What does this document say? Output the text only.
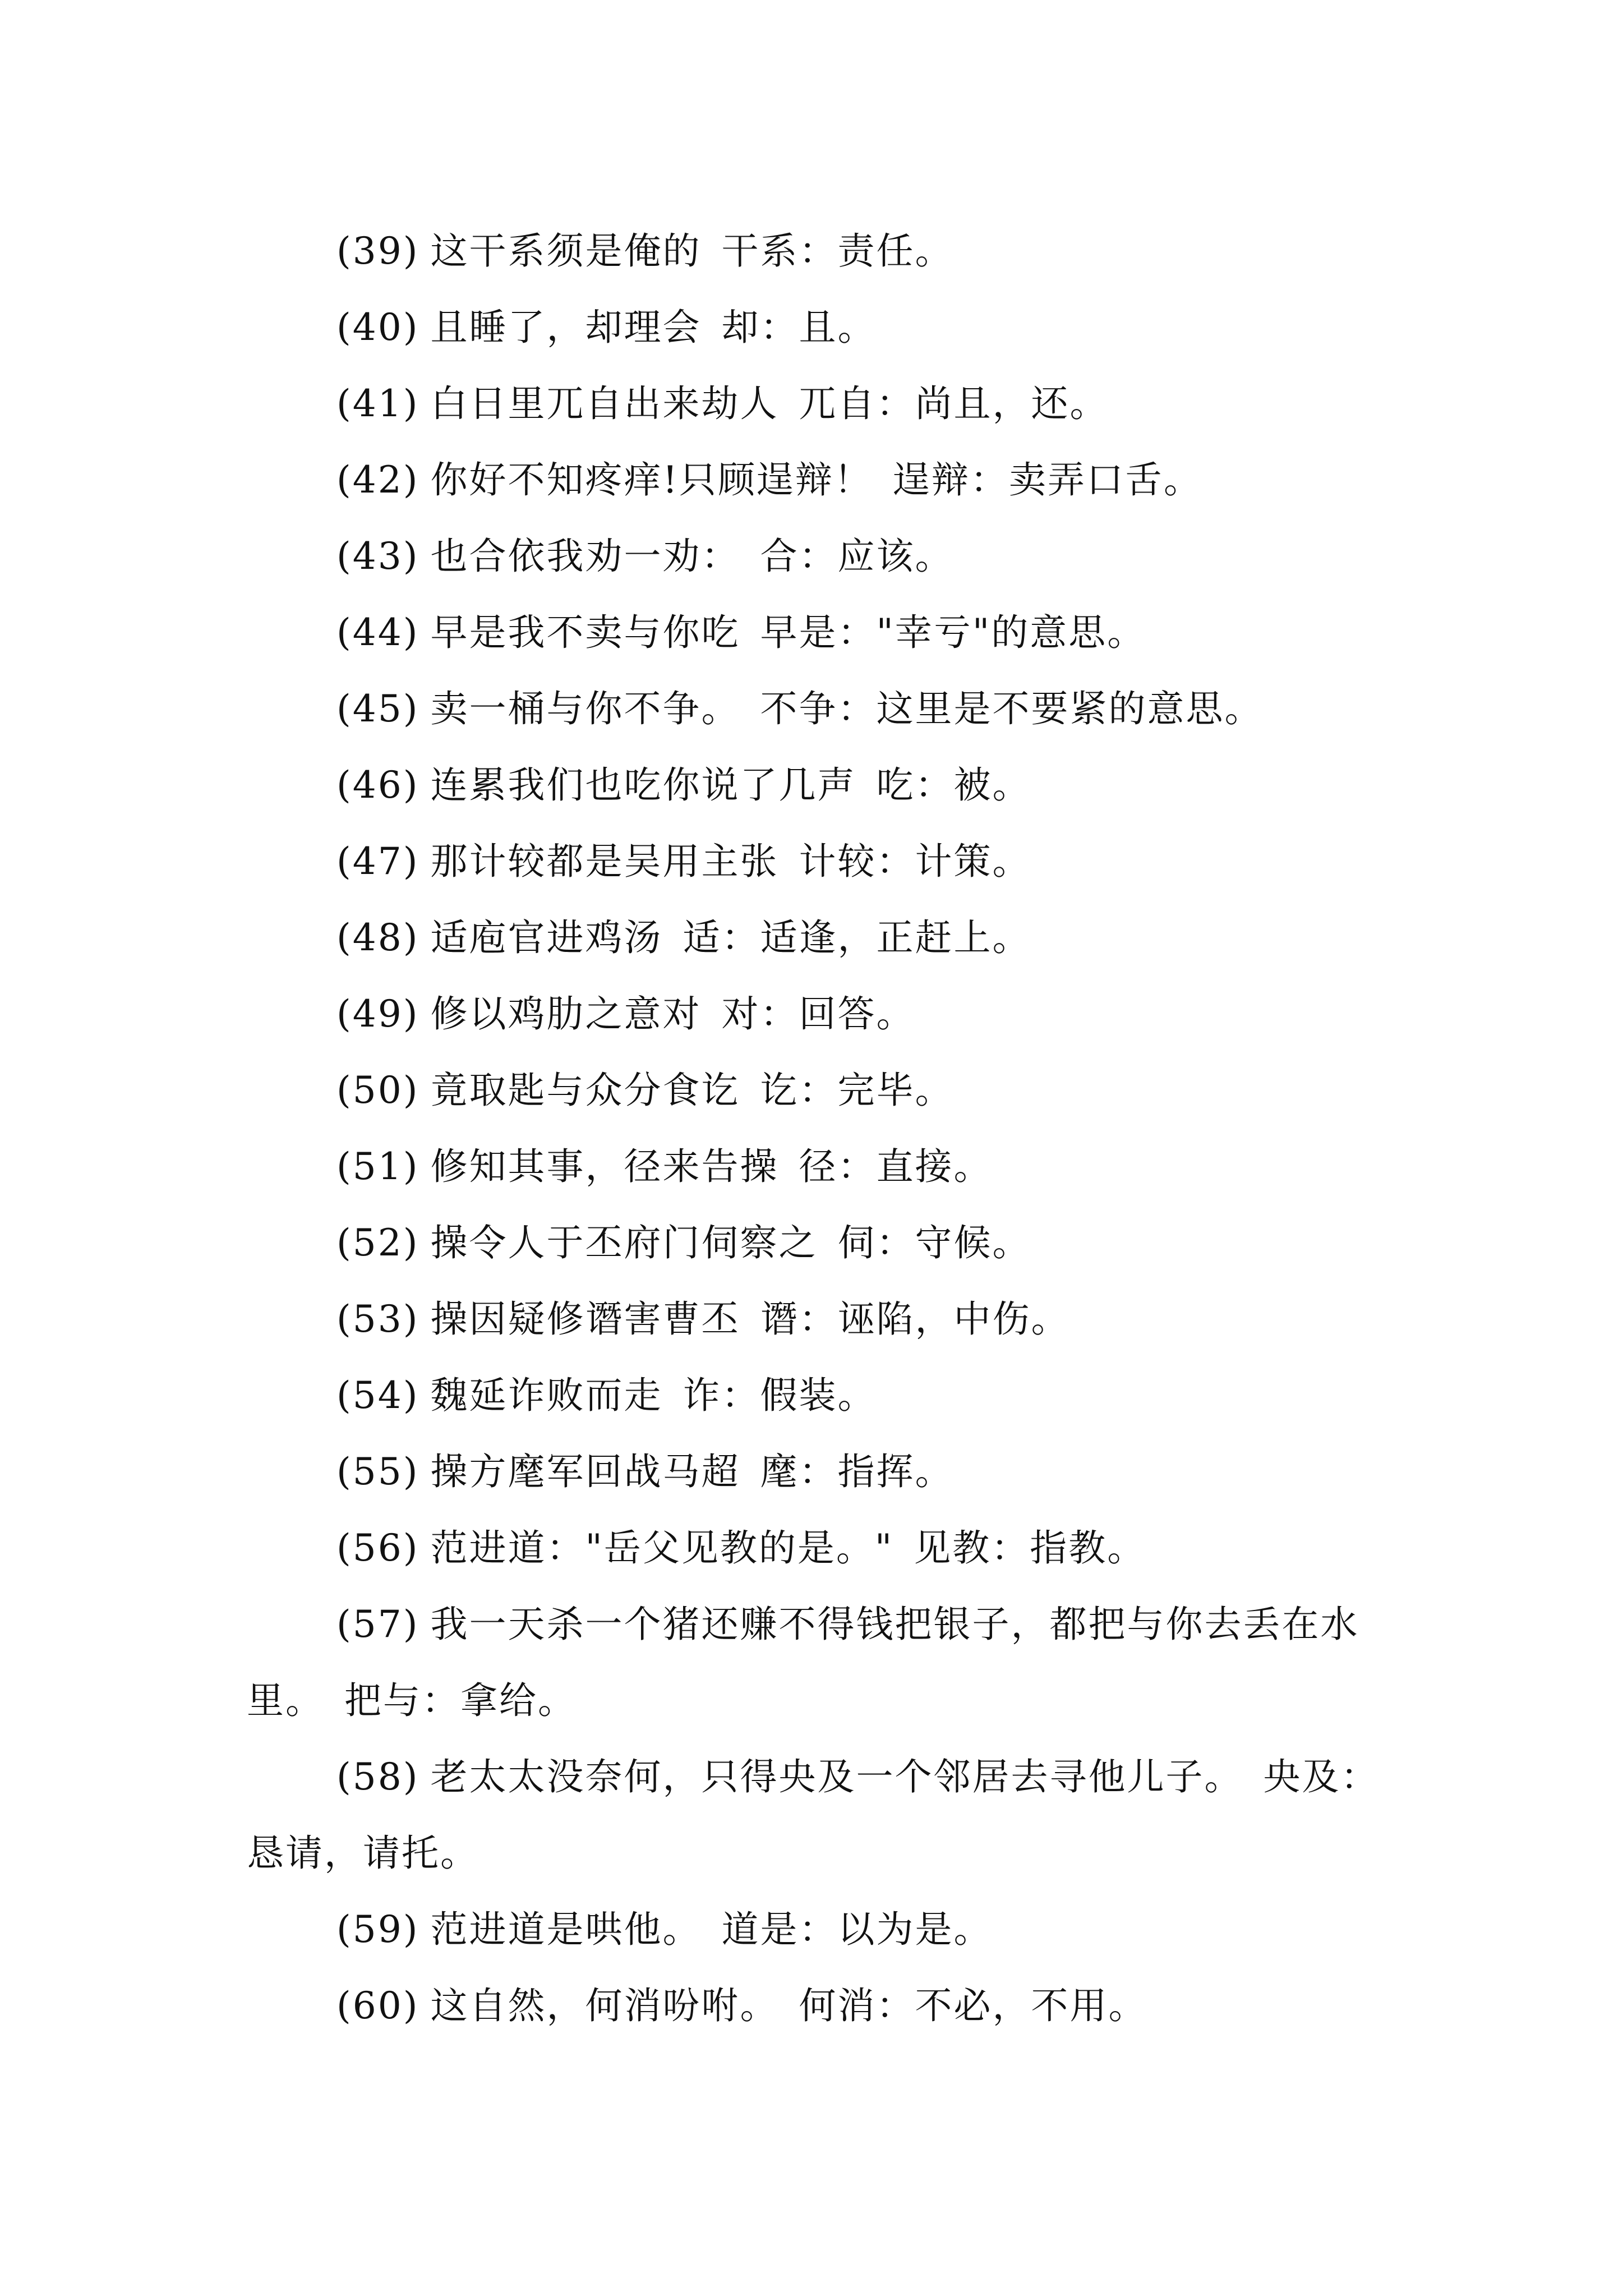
(39) 这干系须是俺的 干系：责任。
(40) 且睡了，却理会 却：且。
(41) 白日里兀自出来劫人 兀自：尚且，还。
(42) 你好不知疼痒!只顾逞辩！ 逞辩：卖弄口舌。
(43) 也合依我劝一劝： 合：应该。
(44) 早是我不卖与你吃 早是："幸亏"的意思。
(45) 卖一桶与你不争。 不争：这里是不要紧的意思。
(46) 连累我们也吃你说了几声 吃：被。
(47) 那计较都是吴用主张 计较：计策。
(48) 适庖官进鸡汤 适：适逢，正赶上。
(49) 修以鸡肋之意对 对：回答。
(50) 竟取匙与众分食讫 讫：完毕。
(51) 修知其事，径来告操 径：直接。
(52) 操令人于丕府门伺察之 伺：守候。
(53) 操因疑修谮害曹丕 谮：诬陷，中伤。
(54) 魏延诈败而走 诈：假装。
(55) 操方麾军回战马超 麾：指挥。
(56) 范进道："岳父见教的是。" 见教：指教。
(57) 我一天杀一个猪还赚不得钱把银子，都把与你去丢在水里。 把与：拿给。
(58) 老太太没奈何，只得央及一个邻居去寻他儿子。 央及：恳请，请托。
(59) 范进道是哄他。 道是：以为是。
(60) 这自然，何消吩咐。 何消：不必，不用。
